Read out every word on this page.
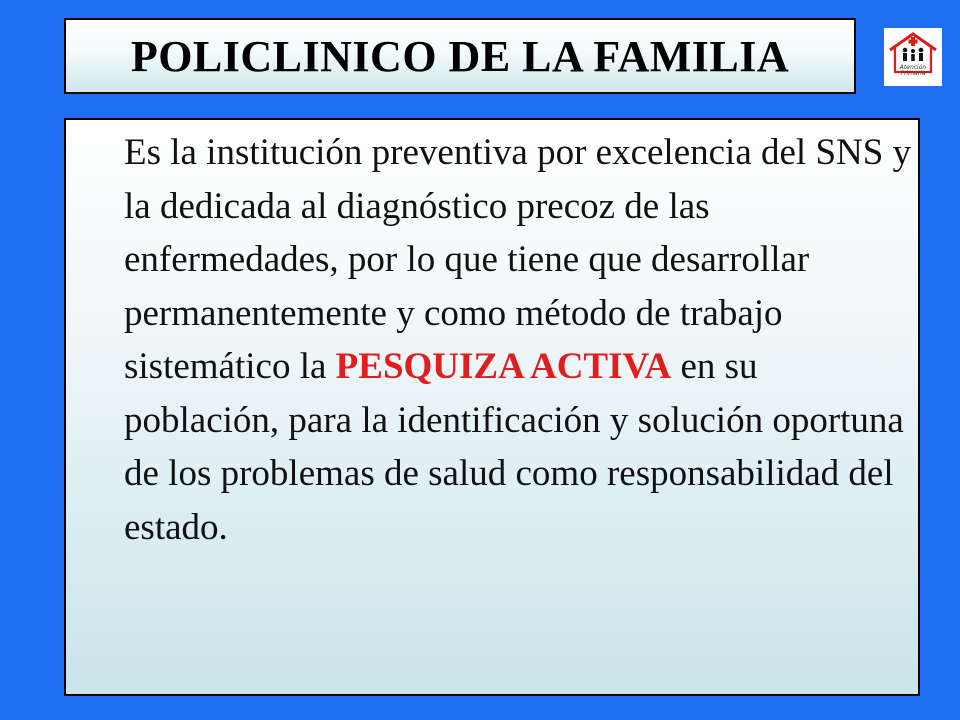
POLICLINICO DE LA FAMILIA	Atención
Primaria

Es la institución preventiva por excelencia del SNS y la dedicada al diagnóstico precoz de las enfermedades, por lo que tiene que desarrollar permanentemente y como método de trabajo sistemático la PESQUIZA ACTIVA en su población, para la identificación y solución oportuna de los problemas de salud como responsabilidad del estado.
